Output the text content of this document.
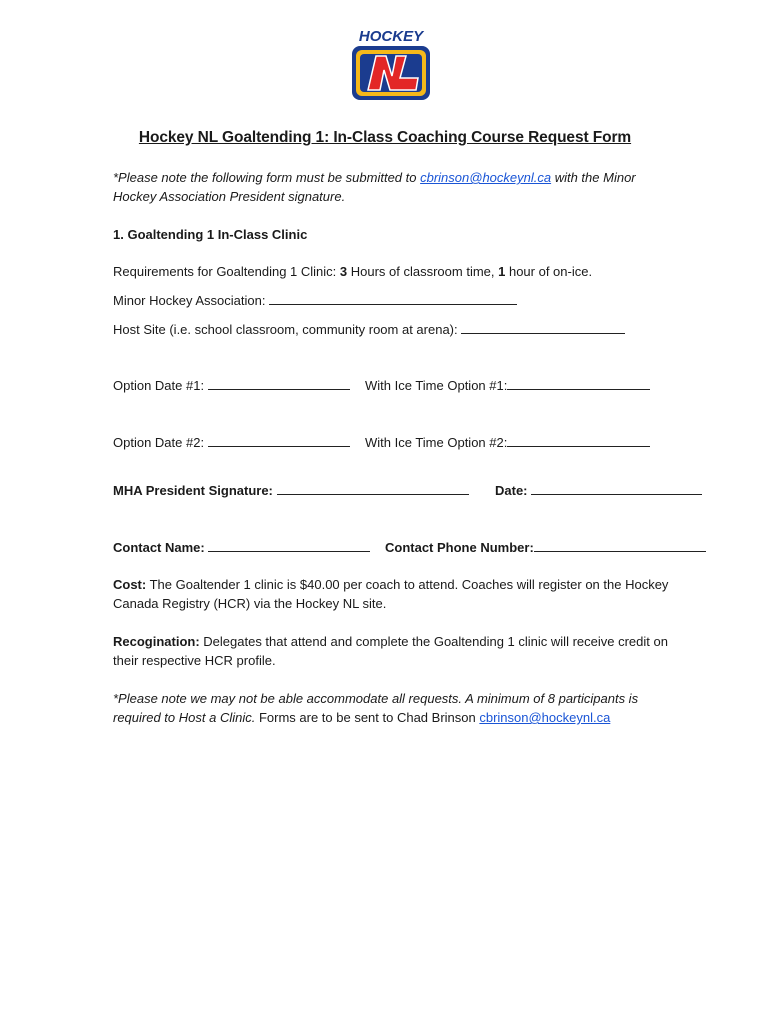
HOCKEY
Hockey NL Goaltending 1: In-Class Coaching Course Request Form
*Please note the following form must be submitted to cbrinson@hockeynl.ca with the Minor
Hockey Association President signature.
1. Goaltending 1 In-Class Clinic
Requirements for Goaltending 1 Clinic: 3 Hours of classroom time, 1 hour of on-ice.
Minor Hockey Association:
Host Site (i.e. school classroom, community room at arena):
Option Date #1:	With Ice Time Option #1:
Option Date #2:	With Ice Time Option #2:
MHA President Signature:	Date:
Contact Name:	Contact Phone Number:
Cost: The Goaltender 1 clinic is $40.00 per coach to attend. Coaches will register on the Hockey
Canada Registry (HCR) via the Hockey NL site.
Recogination: Delegates that attend and complete the Goaltending 1 clinic will receive credit on
their respective HCR profile.
*Please note we may not be able accommodate all requests. A minimum of 8 participants is
required to Host a Clinic. Forms are to be sent to Chad Brinson cbrinson@hockeynl.ca
